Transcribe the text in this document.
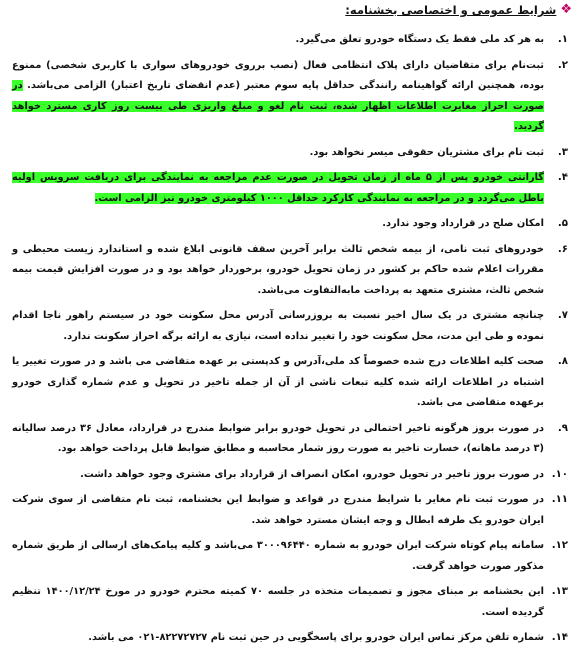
❖
شرایط عمومی و اختصاصی بخشنامه:
۱.
به هر کد ملی فقط یک دستگاه خودرو تعلق می‌گیرد.
۲.
ثبت‌نام برای متقاضیان دارای پلاک انتظامی فعال (نصب برروی خودروهای سواری با کاربری شخصی) ممنوع بوده، همچنین ارائه گواهینامه رانندگی حداقل پایه سوم معتبر (عدم انقضای تاریخ اعتبار) الزامی می‌باشد. در صورت احراز مغایرت اطلاعات اظهار شده، ثبت نام لغو و مبلغ واریزی طی بیست روز کاری مسترد خواهد گردید.
۳.
ثبت نام برای مشتریان حقوقی میسر نخواهد بود.
۴.
گارانتی خودرو پس از ۵ ماه از زمان تحویل در صورت عدم مراجعه به نمایندگی برای دریافت سرویس اولیه باطل می‌گردد و در مراجعه به نمایندگی کارکرد حداقل ۱۰۰۰ کیلومتری خودرو نیز الزامی است.
۵.
امکان صلح در قرارداد وجود ندارد.
۶.
خودروهای ثبت نامی، از بیمه شخص ثالث برابر آخرین سقف قانونی ابلاغ شده و استاندارد زیست محیطی و مقررات اعلام شده حاکم بر کشور در زمان تحویل خودرو، برخوردار خواهد بود و در صورت افزایش قیمت بیمه شخص ثالث، مشتری متعهد به پرداخت مابه‌التفاوت می‌باشد.
۷.
چنانچه مشتری در یک سال اخیر نسبت به بروزرسانی آدرس محل سکونت خود در سیستم راهور ناجا اقدام نموده و طی این مدت، محل سکونت خود را تغییر نداده است، نیازی به ارائه برگه احراز سکونت ندارد.
۸.
صحت کلیه اطلاعات درج شده خصوصاً کد ملی،آدرس و کدپستی بر عهده متقاضی می باشد و در صورت تغییر یا اشتباه در اطلاعات ارائه شده کلیه تبعات ناشی از آن از جمله تاخیر در تحویل و عدم شماره گذاری خودرو برعهده متقاضی می باشد.
۹.
در صورت بروز هرگونه تاخیر احتمالی در تحویل خودرو برابر ضوابط مندرج در قرارداد، معادل ۳۶ درصد سالیانه (۳ درصد ماهانه)، خسارت تاخیر به صورت روز شمار محاسبه و مطابق ضوابط قابل پرداخت خواهد بود.
۱۰.
در صورت بروز تاخیر در تحویل خودرو، امکان انصراف از قرارداد برای مشتری وجود خواهد داشت.
۱۱.
در صورت ثبت نام مغایر با شرایط مندرج در قواعد و ضوابط این بخشنامه، ثبت نام متقاضی از سوی شرکت ایران خودرو یک طرفه ابطال و وجه ایشان مسترد خواهد شد.
۱۲.
سامانه پیام کوتاه شرکت ایران خودرو به شماره ۳۰۰۰۹۶۴۴۰ می‌باشد و کلیه پیامک‌های ارسالی از طریق شماره مذکور صورت خواهد گرفت.
۱۳.
این بخشنامه بر مبنای مجوز و تصمیمات متخذه در جلسه ۷۰ کمیته محترم خودرو در مورخ ۱۴۰۰/۱۲/۲۴ تنظیم گردیده است.
۱۴.
شماره تلفن مرکز تماس ایران خودرو برای پاسخگویی در حین ثبت نام ۸۲۲۷۲۷۲۷-۰۲۱ می باشد.
